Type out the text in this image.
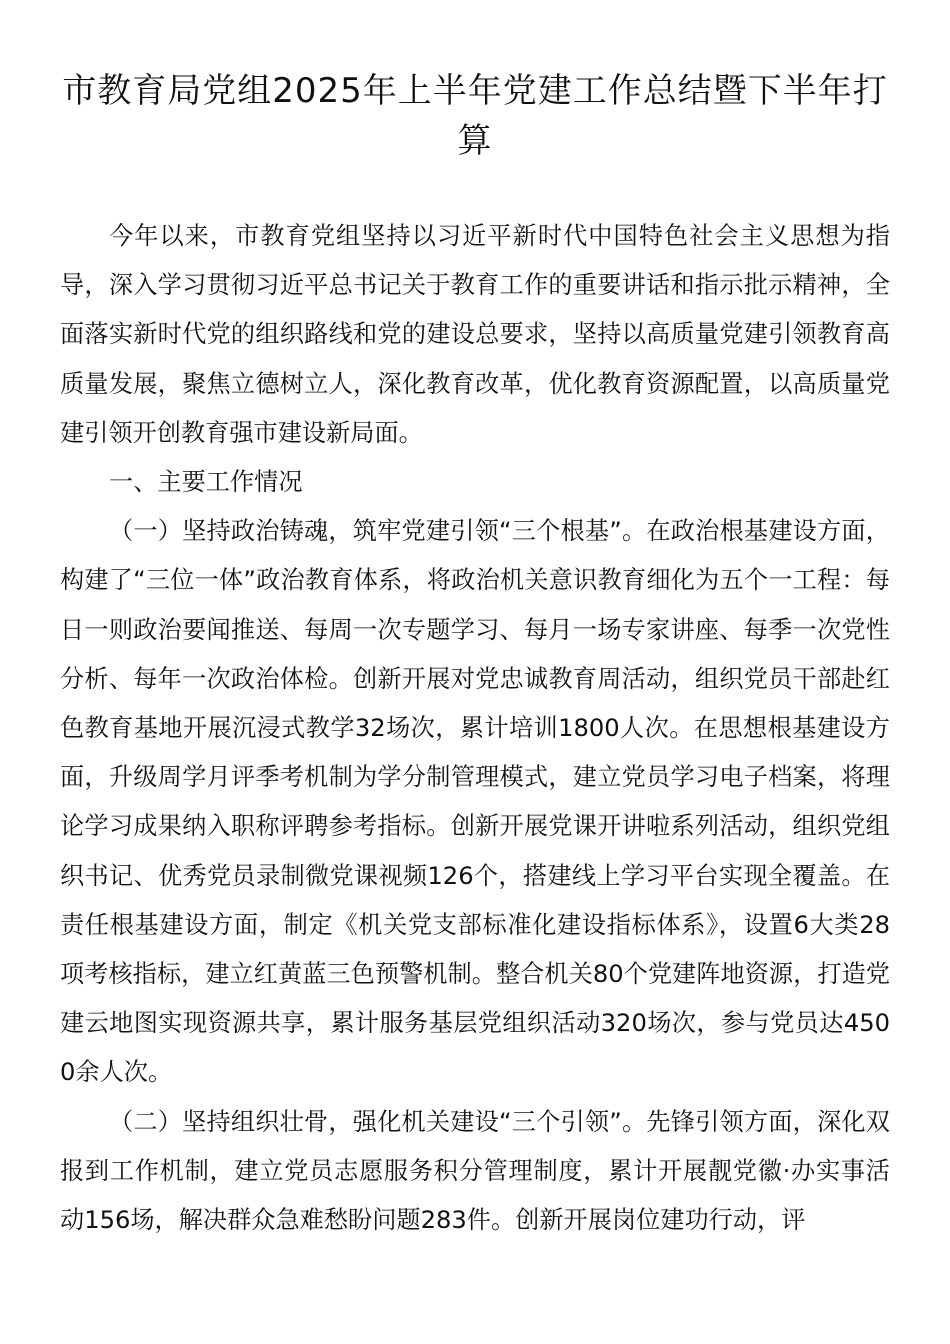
市教育局党组2025年上半年党建工作总结暨下半年打算

今年以来，市教育党组坚持以习近平新时代中国特色社会主义思想为指导，深入学习贯彻习近平总书记关于教育工作的重要讲话和指示批示精神，全面落实新时代党的组织路线和党的建设总要求，坚持以高质量党建引领教育高质量发展，聚焦立德树立人，深化教育改革，优化教育资源配置，以高质量党建引领开创教育强市建设新局面。

一、主要工作情况

（一）坚持政治铸魂，筑牢党建引领“三个根基”。在政治根基建设方面，构建了“三位一体”政治教育体系，将政治机关意识教育细化为五个一工程：每日一则政治要闻推送、每周一次专题学习、每月一场专家讲座、每季一次党性分析、每年一次政治体检。创新开展对党忠诚教育周活动，组织党员干部赴红色教育基地开展沉浸式教学32场次，累计培训1800人次。在思想根基建设方面，升级周学月评季考机制为学分制管理模式，建立党员学习电子档案，将理论学习成果纳入职称评聘参考指标。创新开展党课开讲啦系列活动，组织党组织书记、优秀党员录制微党课视频126个，搭建线上学习平台实现全覆盖。在责任根基建设方面，制定《机关党支部标准化建设指标体系》，设置6大类28项考核指标，建立红黄蓝三色预警机制。整合机关80个党建阵地资源，打造党建云地图实现资源共享，累计服务基层党组织活动320场次，参与党员达4500余人次。

（二）坚持组织壮骨，强化机关建设“三个引领”。先锋引领方面，深化双报到工作机制，建立党员志愿服务积分管理制度，累计开展靓党徽·办实事活动156场，解决群众急难愁盼问题283件。创新开展岗位建功行动，评
